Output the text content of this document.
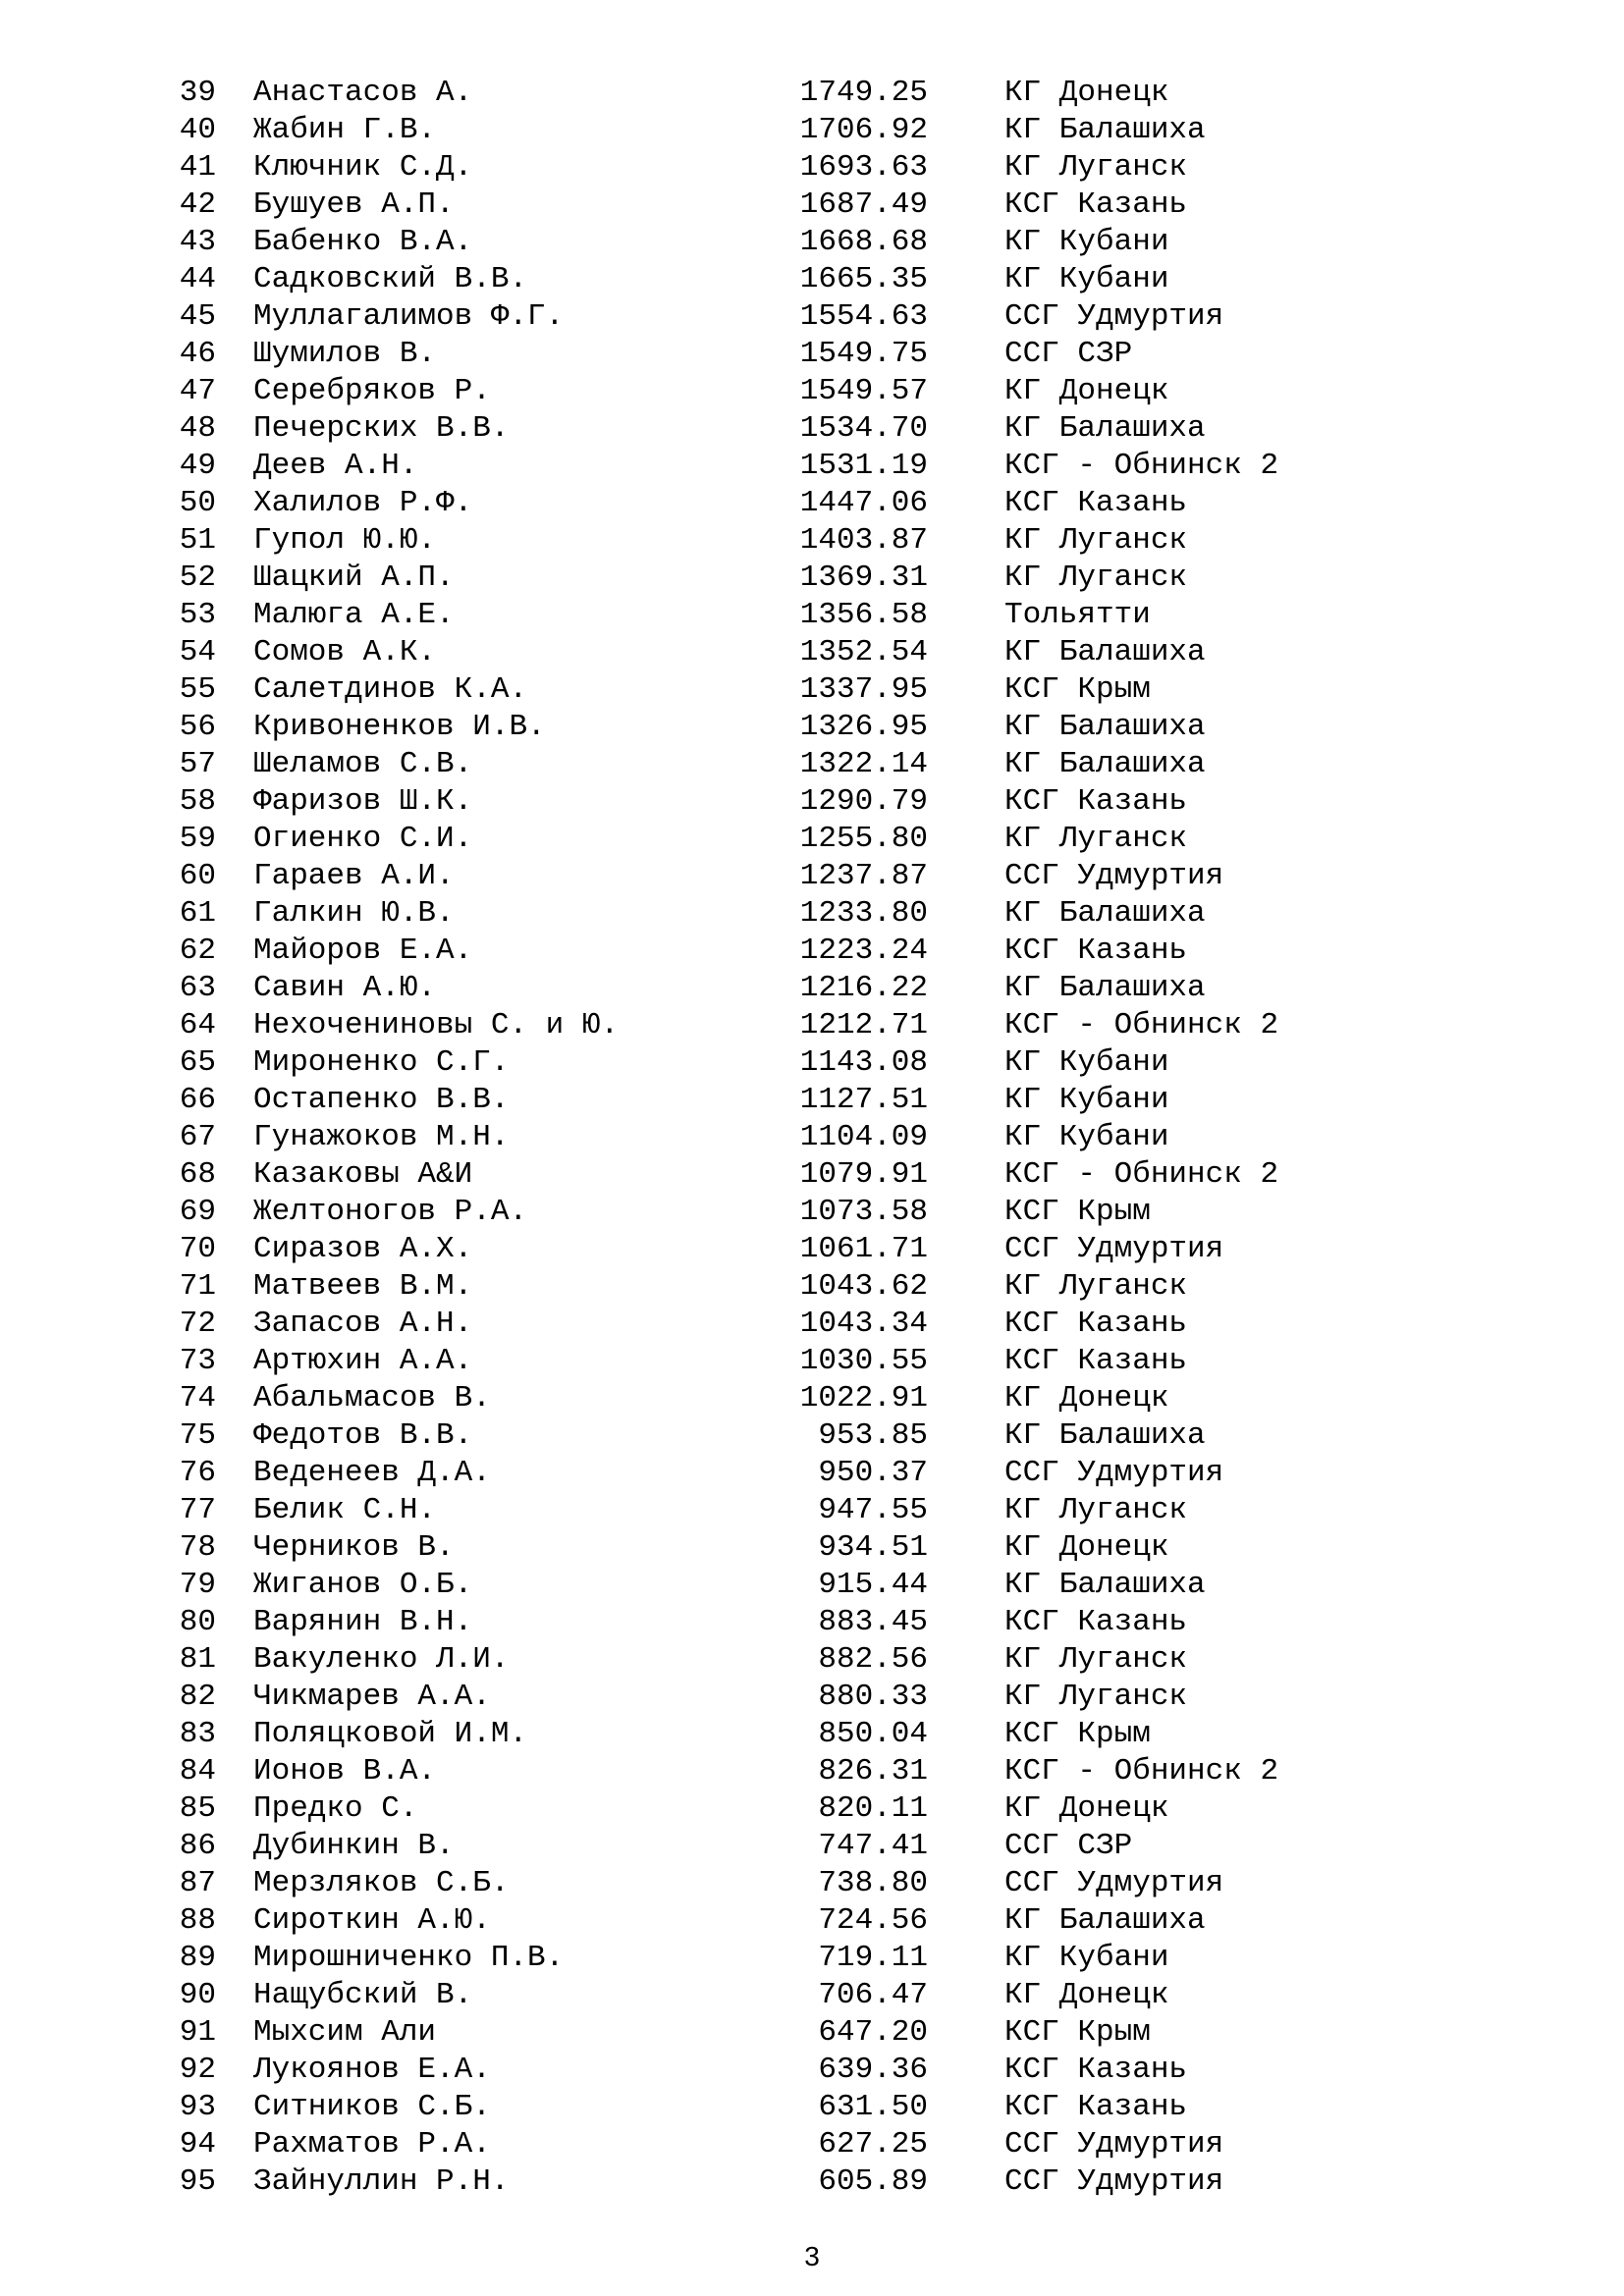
39 Анастасов А.	1749.25	КГ Донецк
40 Жабин Г.В.	1706.92	КГ Балашиха
41 Ключник С.Д.	1693.63	КГ Луганск
42 Бушуев А.П.	1687.49	КСГ Казань
43 Бабенко В.А.	1668.68	КГ Кубани
44 Садковский В.В.	1665.35	КГ Кубани
45 Муллагалимов Ф.Г.	1554.63	ССГ Удмуртия
46 Шумилов В.	1549.75	ССГ СЗР
47 Серебряков Р.	1549.57	КГ Донецк
48 Печерских В.В.	1534.70	КГ Балашиха
49 Деев А.Н.	1531.19	КСГ - Обнинск 2
50 Халилов Р.Ф.	1447.06	КСГ Казань
51 Гупол Ю.Ю.	1403.87	КГ Луганск
52 Шацкий А.П.	1369.31	КГ Луганск
53 Малюга А.Е.	1356.58	Тольятти
54 Сомов А.К.	1352.54	КГ Балашиха
55 Салетдинов К.А.	1337.95	КСГ Крым
56 Кривоненков И.В.	1326.95	КГ Балашиха
57 Шеламов С.В.	1322.14	КГ Балашиха
58 Фаризов Ш.К.	1290.79	КСГ Казань
59 Огиенко С.И.	1255.80	КГ Луганск
60 Гараев А.И.	1237.87	ССГ Удмуртия
61 Галкин Ю.В.	1233.80	КГ Балашиха
62 Майоров Е.А.	1223.24	КСГ Казань
63 Савин А.Ю.	1216.22	КГ Балашиха
64 Нехочениновы С. и Ю.	1212.71	КСГ - Обнинск 2
65 Мироненко С.Г.	1143.08	КГ Кубани
66 Остапенко В.В.	1127.51	КГ Кубани
67 Гунажоков М.Н.	1104.09	КГ Кубани
68 Казаковы А&И	1079.91	КСГ - Обнинск 2
69 Желтоногов Р.А.	1073.58	КСГ Крым
70 Сиразов А.Х.	1061.71	ССГ Удмуртия
71 Матвеев В.М.	1043.62	КГ Луганск
72 Запасов А.Н.	1043.34	КСГ Казань
73 Артюхин А.А.	1030.55	КСГ Казань
74 Абальмасов В.	1022.91	КГ Донецк
75 Федотов В.В.	953.85	КГ Балашиха
76 Веденеев Д.А.	950.37	ССГ Удмуртия
77 Белик С.Н.	947.55	КГ Луганск
78 Черников В.	934.51	КГ Донецк
79 Жиганов О.Б.	915.44	КГ Балашиха
80 Варянин В.Н.	883.45	КСГ Казань
81 Вакуленко Л.И.	882.56	КГ Луганск
82 Чикмарев А.А.	880.33	КГ Луганск
83 Поляцковой И.М.	850.04	КСГ Крым
84 Ионов В.А.	826.31	КСГ - Обнинск 2
85 Предко С.	820.11	КГ Донецк
86 Дубинкин В.	747.41	ССГ СЗР
87 Мерзляков С.Б.	738.80	ССГ Удмуртия
88 Сироткин А.Ю.	724.56	КГ Балашиха
89 Мирошниченко П.В.	719.11	КГ Кубани
90 Нащубский В.	706.47	КГ Донецк
91 Мыхсим Али	647.20	КСГ Крым
92 Лукоянов Е.А.	639.36	КСГ Казань
93 Ситников С.Б.	631.50	КСГ Казань
94 Рахматов Р.А.	627.25	ССГ Удмуртия
95 Зайнуллин Р.Н.	605.89	ССГ Удмуртия
3
